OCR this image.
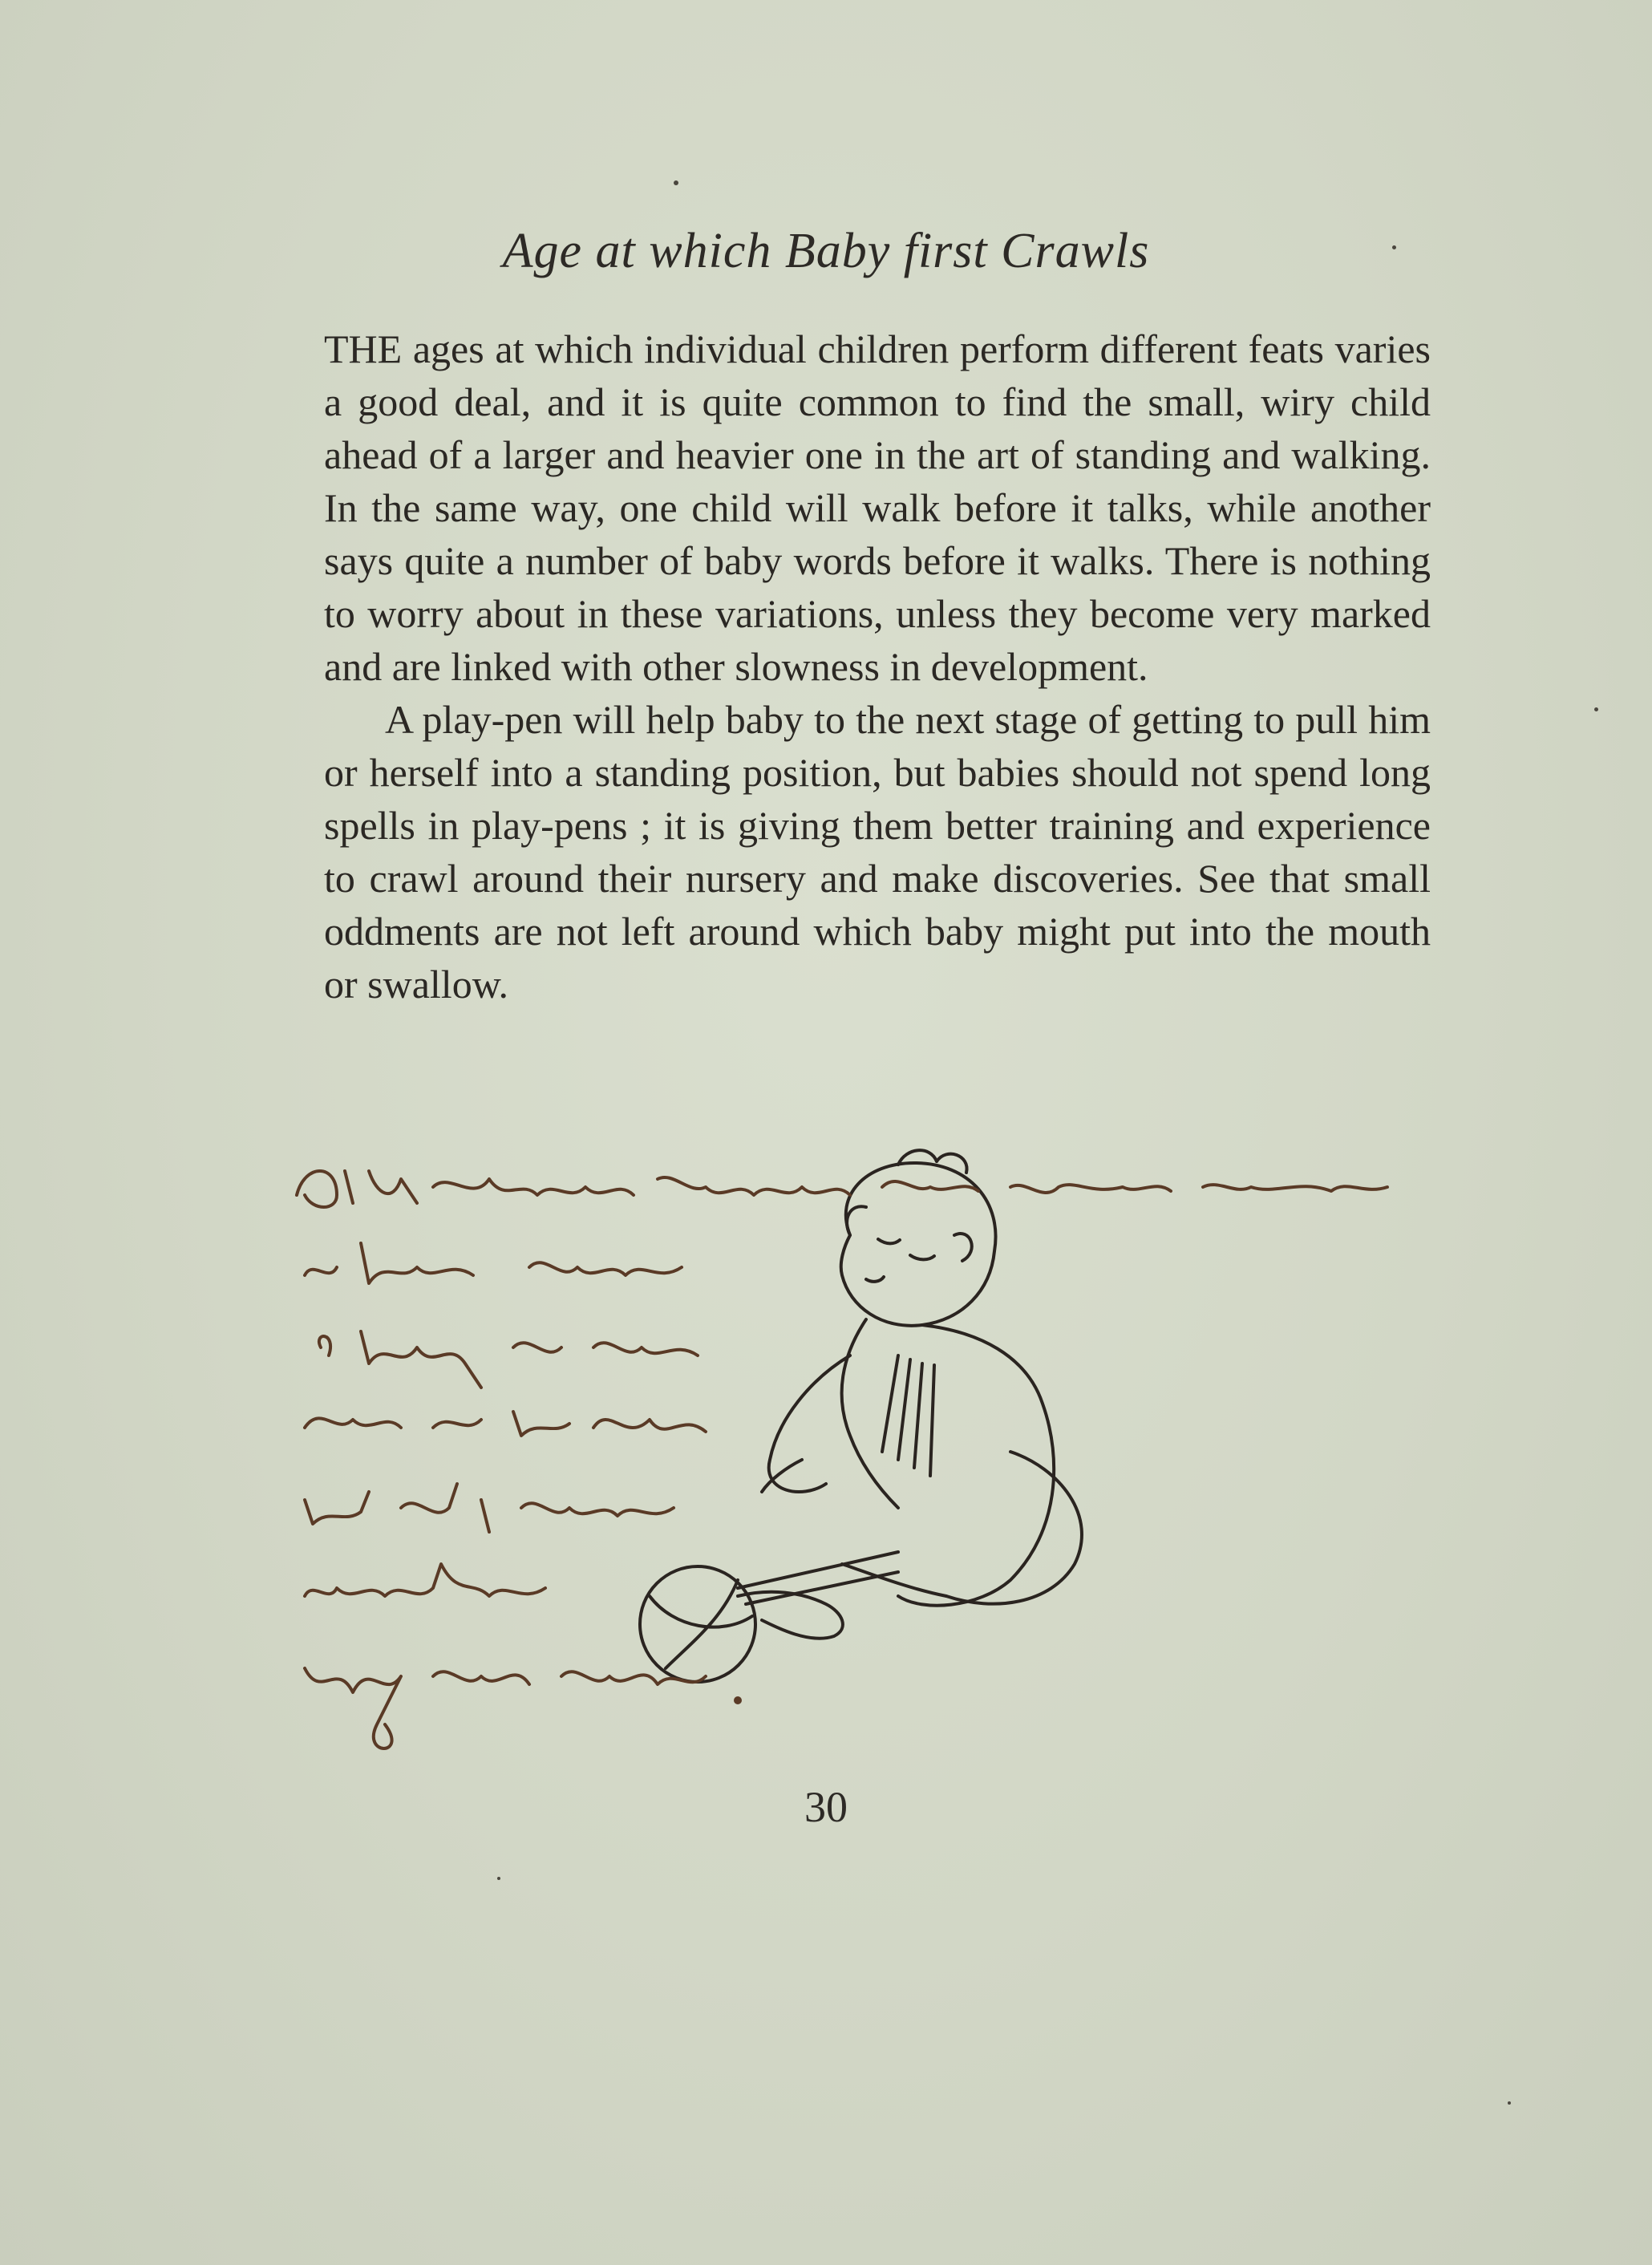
Age at which Baby first Crawls

THE ages at which individual children perform different feats varies a good deal, and it is quite common to find the small, wiry child ahead of a larger and heavier one in the art of standing and walking. In the same way, one child will walk before it talks, while another says quite a number of baby words before it walks. There is nothing to worry about in these variations, unless they become very marked and are linked with other slowness in development.

A play-pen will help baby to the next stage of getting to pull him or herself into a standing position, but babies should not spend long spells in play-pens ; it is giving them better training and experience to crawl around their nursery and make discoveries. See that small oddments are not left around which baby might put into the mouth or swallow.

30
